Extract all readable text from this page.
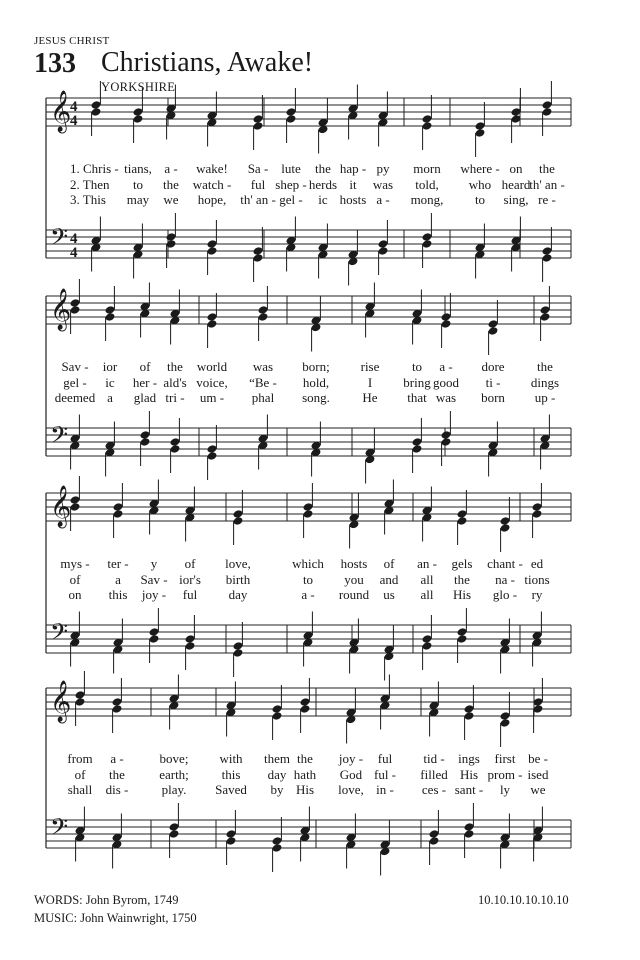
JESUS CHRIST
133 Christians, Awake!
YORKSHIRE
𝄞
𝄢
4
4
4
4
1. Chris - tians, a - wake! Sa - lute the hap - py morn where - on the
2. Then to the watch - ful shep - herds it was told, who heard
th' an -
3. This may we hope, th' an - gel - ic hosts a - mong, to sing, re -
𝄞
𝄢
Sav - ior of the world was born; rise	to a - dore	the
gel - ic her - ald's voice, “Be - hold,	I bring good ti - dings
deemed a glad tri - um - phal song.	He that was born up -
𝄞
𝄢
mys - ter - y of love,	which hosts of an - gels chant - ed
of	a Sav - ior's birth	to you and all the na - tions
on this joy - ful day	a - round us all His glo - ry
𝄞
𝄢
from a -	bove; with them the joy - ful tid - ings first be -
of the	earth;	this day hath God ful - filled His prom - ised
shall dis -	play. Saved by His love, in - ces - sant - ly we
WORDS: John Byrom, 1749
MUSIC: John Wainwright, 1750
10.10.10.10.10.10
